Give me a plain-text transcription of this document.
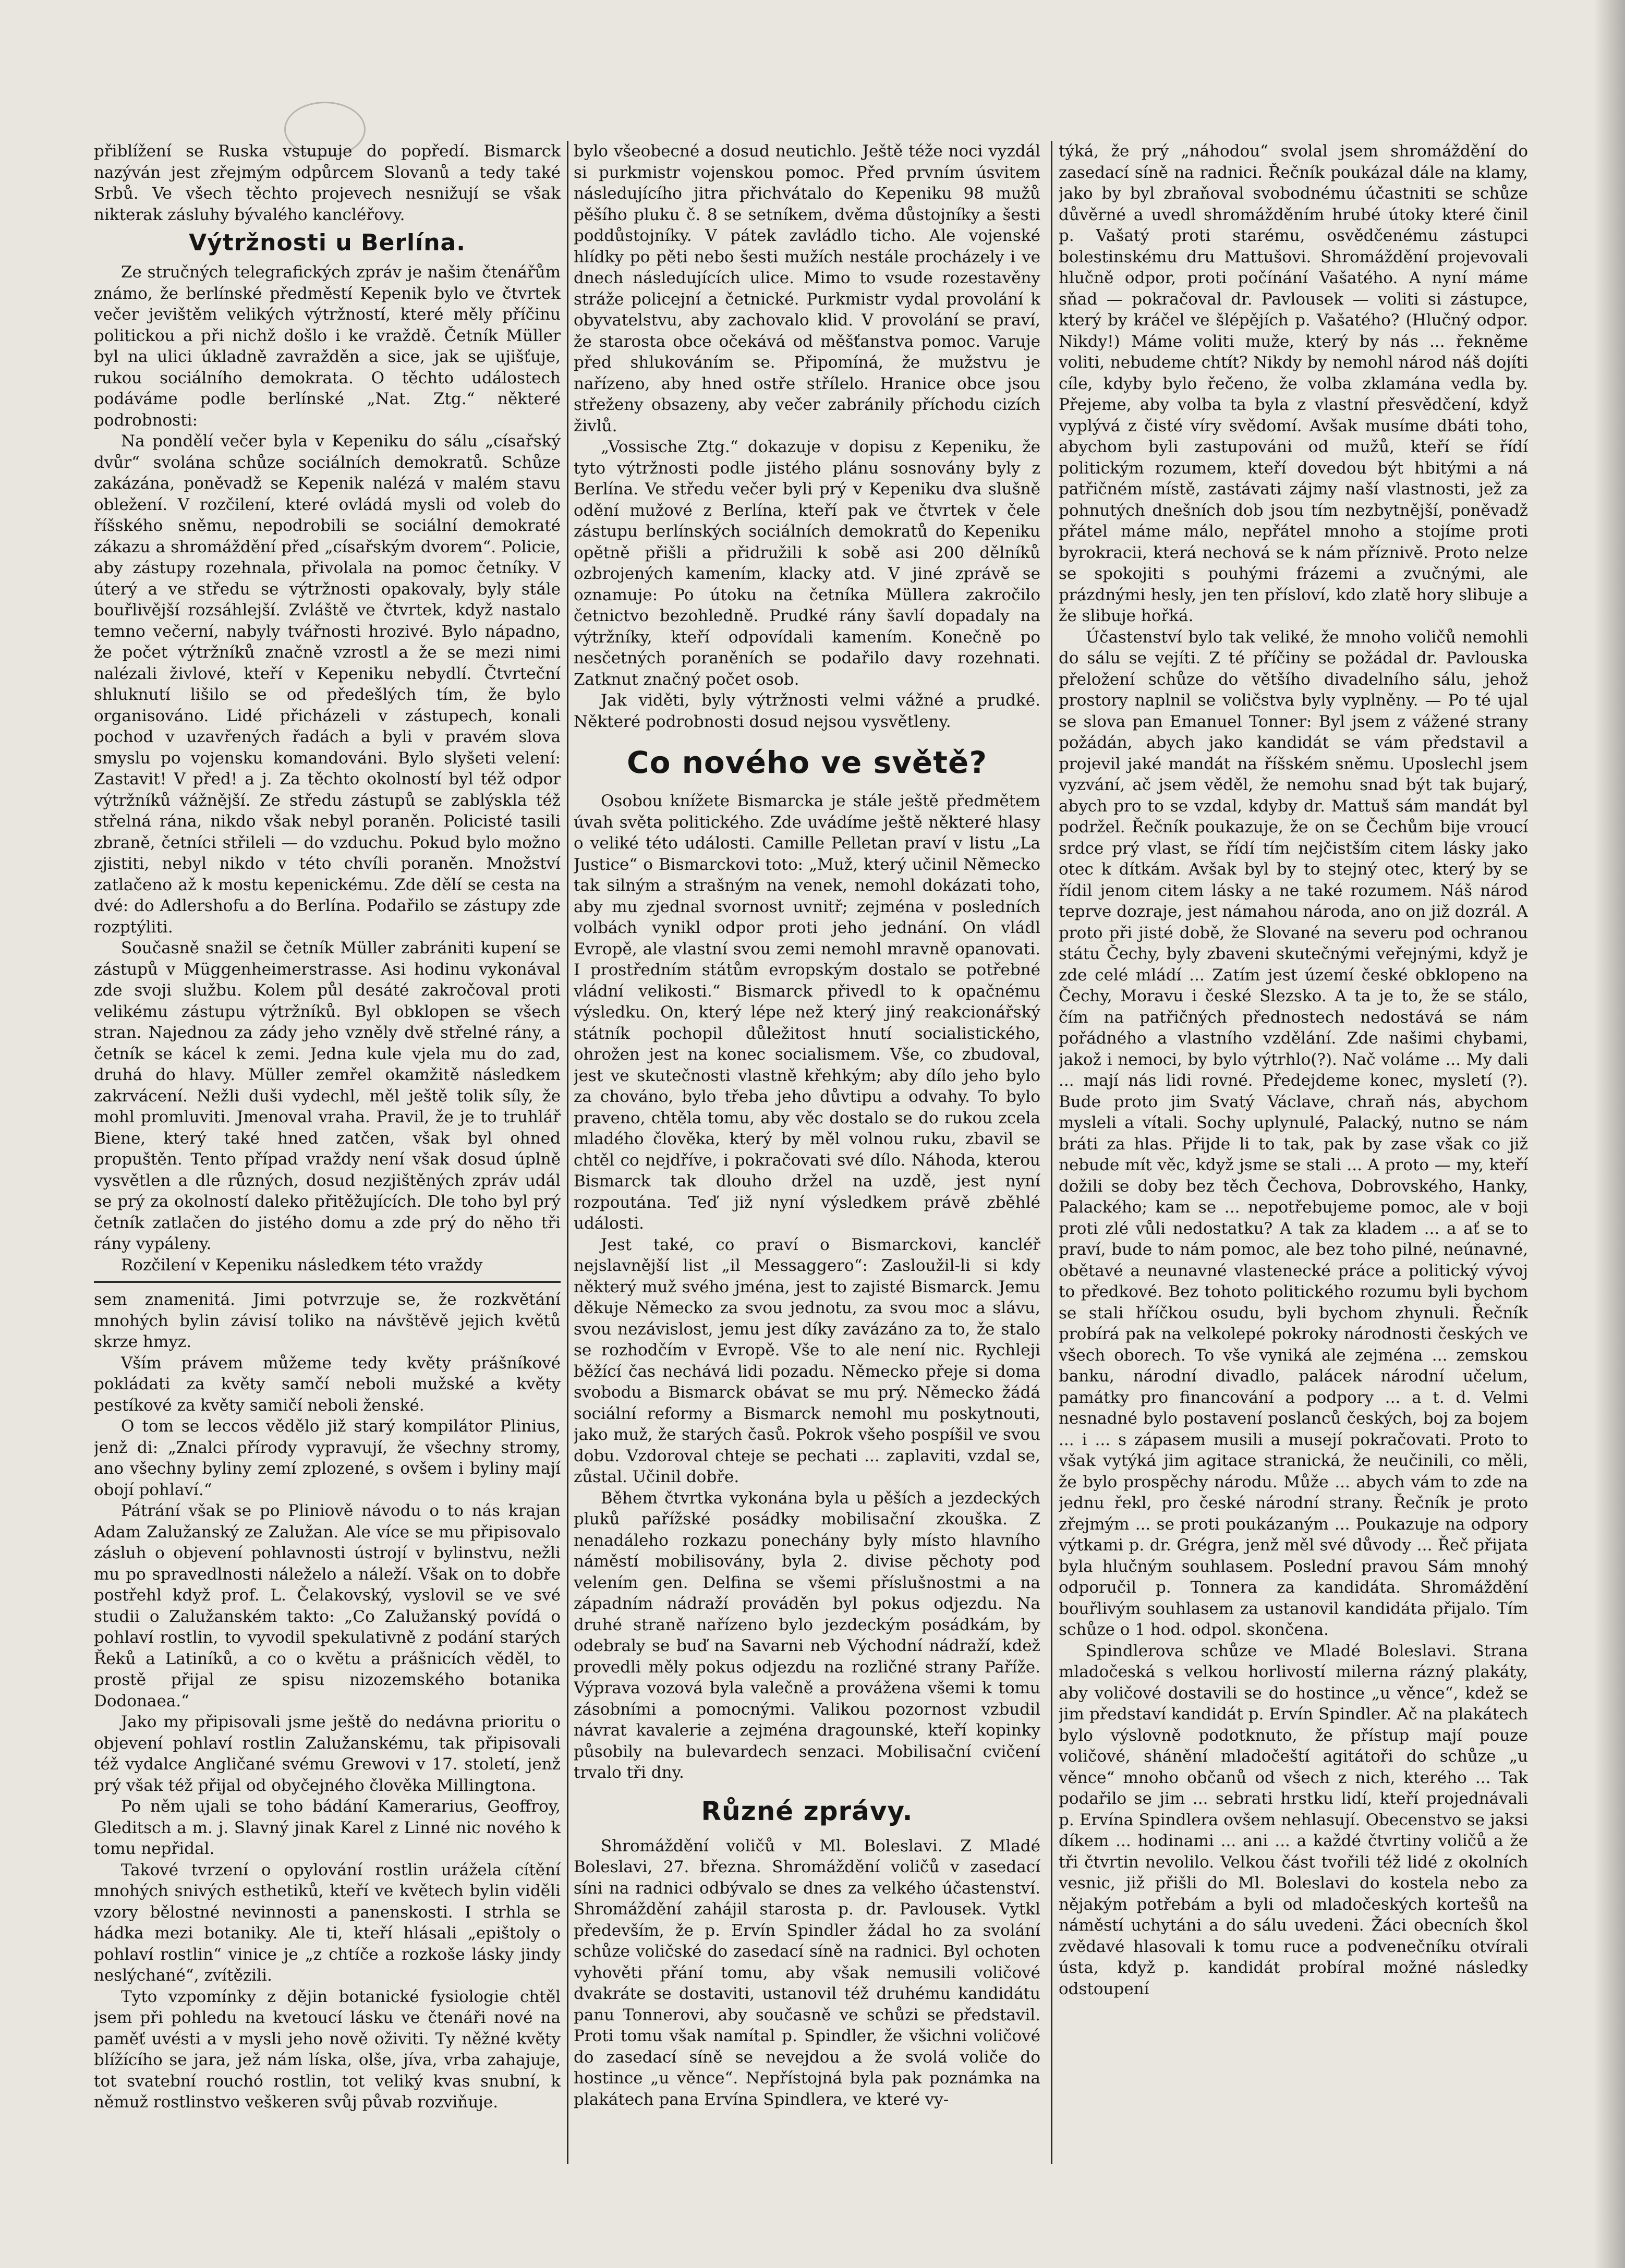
přiblížení se Ruska vstupuje do popředí. Bismarck nazýván jest zřejmým odpůrcem Slovanů a tedy také Srbů. Ve všech těchto projevech nesnižují se však nikterak zásluhy bývalého kancléřovy.

Výtržnosti u Berlína.

Ze stručných telegrafických zpráv je našim čtenářům známo, že berlínské předměstí Kepenik bylo ve čtvrtek večer jevištěm velikých výtržností, které měly příčinu politickou a při nichž došlo i ke vraždě. Četník Müller byl na ulici úkladně zavražděn a sice, jak se ujišťuje, rukou sociálního demokrata. O těchto událostech podáváme podle berlínské „Nat. Ztg.“ některé podrobnosti:

Na pondělí večer byla v Kepeniku do sálu „císařský dvůr“ svolána schůze sociálních demokratů. Schůze zakázána, poněvadž se Kepenik nalézá v malém stavu obležení. V rozčilení, které ovládá mysli od voleb do říšského sněmu, nepodrobili se sociální demokraté zákazu a shromáždění před „císařským dvorem“. Policie, aby zástupy rozehnala, přivolala na pomoc četníky. V úterý a ve středu se výtržnosti opakovaly, byly stále bouřlivější rozsáhlejší. Zvláště ve čtvrtek, když nastalo temno večerní, nabyly tvářnosti hrozivé. Bylo nápadno, že počet výtržníků značně vzrostl a že se mezi nimi nalézali živlové, kteří v Kepeniku nebydlí. Čtvrteční shluknutí lišilo se od předešlých tím, že bylo organisováno. Lidé přicházeli v zástupech, konali pochod v uzavřených řadách a byli v pravém slova smyslu po vojensku komandováni. Bylo slyšeti velení: Zastavit! V před! a j. Za těchto okolností byl též odpor výtržníků vážnější. Ze středu zástupů se zablýskla též střelná rána, nikdo však nebyl poraněn. Policisté tasili zbraně, četníci střileli — do vzduchu. Pokud bylo možno zjistiti, nebyl nikdo v této chvíli poraněn. Množství zatlačeno až k mostu kepenickému. Zde dělí se cesta na dvé: do Adlershofu a do Berlína. Podařilo se zástupy zde rozptýliti.

Současně snažil se četník Müller zabrániti kupení se zástupů v Müggenheimerstrasse. Asi hodinu vykonával zde svoji službu. Kolem půl desáté zakročoval proti velikému zástupu výtržníků. Byl obklopen se všech stran. Najednou za zády jeho vzněly dvě střelné rány, a četník se kácel k zemi. Jedna kule vjela mu do zad, druhá do hlavy. Müller zemřel okamžitě následkem zakrvácení. Nežli duši vydechl, měl ještě tolik síly, že mohl promluviti. Jmenoval vraha. Pravil, že je to truhlář Biene, který také hned zatčen, však byl ohned propuštěn. Tento případ vraždy není však dosud úplně vysvětlen a dle různých, dosud nezjištěných zpráv udál se prý za okolností daleko přitěžujících. Dle toho byl prý četník zatlačen do jistého domu a zde prý do něho tři rány vypáleny.

Rozčilení v Kepeniku následkem této vraždy

sem znamenitá. Jimi potvrzuje se, že rozkvětání mnohých bylin závisí toliko na návštěvě jejich květů skrze hmyz.

Vším právem můžeme tedy květy prášníkové pokládati za květy samčí neboli mužské a květy pestíkové za květy samičí neboli ženské.

O tom se leccos vědělo již starý kompilátor Plinius, jenž di: „Znalci přírody vypravují, že všechny stromy, ano všechny byliny zemí zplozené, s ovšem i byliny mají obojí pohlaví.“

Pátrání však se po Pliniově návodu o to nás krajan Adam Zalužanský ze Zalužan. Ale více se mu připisovalo zásluh o objevení pohlavnosti ústrojí v bylinstvu, nežli mu po spravedlnosti náleželo a náleží. Však on to dobře postřehl když prof. L. Čelakovský, vyslovil se ve své studii o Zalužanském takto: „Co Zalužanský povídá o pohlaví rostlin, to vyvodil spekulativně z podání starých Řeků a Latiníků, a co o květu a prášnicích věděl, to prostě přijal ze spisu nizozemského botanika Dodonaea.“

Jako my připisovali jsme ještě do nedávna prioritu o objevení pohlaví rostlin Zalužanskému, tak připisovali též vydalce Angličané svému Grewovi v 17. století, jenž prý však též přijal od obyčejného člověka Millingtona.

Po něm ujali se toho bádání Kamerarius, Geoffroy, Gleditsch a m. j. Slavný jinak Karel z Linné nic nového k tomu nepřidal.

Takové tvrzení o opylování rostlin urážela cítění mnohých snivých esthetiků, kteří ve květech bylin viděli vzory bělostné nevinnosti a panenskosti. I strhla se hádka mezi botaniky. Ale ti, kteří hlásali „epištoly o pohlaví rostlin“ vinice je „z chtíče a rozkoše lásky jindy neslýchané“, zvítězili.

Tyto vzpomínky z dějin botanické fysiologie chtěl jsem při pohledu na kvetoucí lásku ve čtenáři nové na paměť uvésti a v mysli jeho nově oživiti. Ty něžné květy blížícího se jara, jež nám líska, olše, jíva, vrba zahajuje, tot svatební rouchó rostlin, tot veliký kvas snubní, k němuž rostlinstvo veškeren svůj půvab rozviňuje.

bylo všeobecné a dosud neutichlo. Ještě téže noci vyzdál si purkmistr vojenskou pomoc. Před prvním úsvitem následujícího jitra přichvátalo do Kepeniku 98 mužů pěšího pluku č. 8 se setníkem, dvěma důstojníky a šesti poddůstojníky. V pátek zavládlo ticho. Ale vojenské hlídky po pěti nebo šesti mužích nestále procházely i ve dnech následujících ulice. Mimo to vsude rozestavěny stráže policejní a četnické. Purkmistr vydal provolání k obyvatelstvu, aby zachovalo klid. V provolání se praví, že starosta obce očekává od měšťanstva pomoc. Varuje před shlukováním se. Připomíná, že mužstvu je nařízeno, aby hned ostře střílelo. Hranice obce jsou střeženy obsazeny, aby večer zabránily příchodu cizích živlů.

„Vossische Ztg.“ dokazuje v dopisu z Kepeniku, že tyto výtržnosti podle jistého plánu sosnovány byly z Berlína. Ve středu večer byli prý v Kepeniku dva slušně odění mužové z Berlína, kteří pak ve čtvrtek v čele zástupu berlínských sociálních demokratů do Kepeniku opětně přišli a přidružili k sobě asi 200 dělníků ozbrojených kamením, klacky atd. V jiné zprávě se oznamuje: Po útoku na četníka Müllera zakročilo četnictvo bezohledně. Prudké rány šavlí dopadaly na výtržníky, kteří odpovídali kamením. Konečně po nesčetných poraněních se podařilo davy rozehnati. Zatknut značný počet osob.

Jak viděti, byly výtržnosti velmi vážné a prudké. Některé podrobnosti dosud nejsou vysvětleny.

Co nového ve světě?

Osobou knížete Bismarcka je stále ještě předmětem úvah světa politického. Zde uvádíme ještě některé hlasy o veliké této události. Camille Pelletan praví v listu „La Justice“ o Bismarckovi toto: „Muž, který učinil Německo tak silným a strašným na venek, nemohl dokázati toho, aby mu zjednal svornost uvnitř; zejména v posledních volbách vynikl odpor proti jeho jednání. On vládl Evropě, ale vlastní svou zemi nemohl mravně opanovati. I prostředním státům evropským dostalo se potřebné vládní velikosti.“ Bismarck přivedl to k opačnému výsledku. On, který lépe než který jiný reakcionářský státník pochopil důležitost hnutí socialistického, ohrožen jest na konec socialismem. Vše, co zbudoval, jest ve skutečnosti vlastně křehkým; aby dílo jeho bylo za chováno, bylo třeba jeho důvtipu a odvahy. To bylo praveno, chtěla tomu, aby věc dostalo se do rukou zcela mladého člověka, který by měl volnou ruku, zbavil se chtěl co nejdříve, i pokračovati své dílo. Náhoda, kterou Bismarck tak dlouho držel na uzdě, jest nyní rozpoutána. Teď již nyní výsledkem právě zběhlé události.

Jest také, co praví o Bismarckovi, kancléř nejslavnější list „il Messaggero“: Zasloužil-li si kdy některý muž svého jména, jest to zajisté Bismarck. Jemu děkuje Německo za svou jednotu, za svou moc a slávu, svou nezávislost, jemu jest díky zavázáno za to, že stalo se rozhodčím v Evropě. Vše to ale není nic. Rychleji běžící čas nechává lidi pozadu. Německo přeje si doma svobodu a Bismarck obávat se mu prý. Německo žádá sociální reformy a Bismarck nemohl mu poskytnouti, jako muž, že starých časů. Pokrok všeho pospíšil ve svou dobu. Vzdoroval chteje se pechati ... zaplaviti, vzdal se, zůstal. Učinil dobře.

Během čtvrtka vykonána byla u pěších a jezdeckých pluků pařížské posádky mobilisační zkouška. Z nenadáleho rozkazu ponechány byly místo hlavního náměstí mobilisovány, byla 2. divise pěchoty pod velením gen. Delfina se všemi příslušnostmi a na západním nádraží prováděn byl pokus odjezdu. Na druhé straně nařízeno bylo jezdeckým posádkám, by odebraly se buď na Savarni neb Východní nádraží, kdež provedli měly pokus odjezdu na rozličné strany Paříže. Výprava vozová byla valečně a provážena všemi k tomu zásobními a pomocnými. Valikou pozornost vzbudil návrat kavalerie a zejména dragounské, kteří kopinky působily na bulevardech senzaci. Mobilisační cvičení trvalo tři dny.

Různé zprávy.

Shromáždění voličů v Ml. Boleslavi. Z Mladé Boleslavi, 27. března. Shromáždění voličů v zasedací síni na radnici odbývalo se dnes za velkého účastenství. Shromáždění zahájil starosta p. dr. Pavlousek. Vytkl především, že p. Ervín Spindler žádal ho za svolání schůze voličské do zasedací síně na radnici. Byl ochoten vyhověti přání tomu, aby však nemusili voličové dvakráte se dostaviti, ustanovil též druhému kandidátu panu Tonnerovi, aby současně ve schůzi se představil. Proti tomu však namítal p. Spindler, že všichni voličové do zasedací síně se nevejdou a že svolá voliče do hostince „u věnce“. Nepřístojná byla pak poznámka na plakátech pana Ervína Spindlera, ve které vy-

týká, že prý „náhodou“ svolal jsem shromáždění do zasedací síně na radnici. Řečník poukázal dále na klamy, jako by byl zbraňoval svobodnému účastniti se schůze důvěrné a uvedl shromážděním hrubé útoky které činil p. Vašatý proti starému, osvědčenému zástupci bolestinskému dru Mattušovi. Shromáždění projevovali hlučně odpor, proti počínání Vašatého. A nyní máme sňad — pokračoval dr. Pavlousek — voliti si zástupce, který by kráčel ve šlépějích p. Vašatého? (Hlučný odpor. Nikdy!) Máme voliti muže, který by nás ... řekněme voliti, nebudeme chtít? Nikdy by nemohl národ náš dojíti cíle, kdyby bylo řečeno, že volba zklamána vedla by. Přejeme, aby volba ta byla z vlastní přesvědčení, když vyplývá z čisté víry svědomí. Avšak musíme dbáti toho, abychom byli zastupováni od mužů, kteří se řídí politickým rozumem, kteří dovedou být hbitými a ná patřičném místě, zastávati zájmy naší vlastnosti, jež za pohnutých dnešních dob jsou tím nezbytnější, poněvadž přátel máme málo, nepřátel mnoho a stojíme proti byrokracii, která nechová se k nám příznivě. Proto nelze se spokojiti s pouhými frázemi a zvučnými, ale prázdnými hesly, jen ten přísloví, kdo zlatě hory slibuje a že slibuje hořká.

Účastenství bylo tak veliké, že mnoho voličů nemohli do sálu se vejíti. Z té příčiny se požádal dr. Pavlouska přeložení schůze do většího divadelního sálu, jehož prostory naplnil se voličstva byly vyplněny. — Po té ujal se slova pan Emanuel Tonner: Byl jsem z vážené strany požádán, abych jako kandidát se vám představil a projevil jaké mandát na říšském sněmu. Uposlechl jsem vyzvání, ač jsem věděl, že nemohu snad být tak bujarý, abych pro to se vzdal, kdyby dr. Mattuš sám mandát byl podržel. Řečník poukazuje, že on se Čechům bije vroucí srdce prý vlast, se řídí tím nejčistším citem lásky jako otec k dítkám. Avšak byl by to stejný otec, který by se řídil jenom citem lásky a ne také rozumem. Náš národ teprve dozraje, jest námahou národa, ano on již dozrál. A proto při jisté době, že Slované na severu pod ochranou státu Čechy, byly zbaveni skutečnými veřejnými, když je zde celé mládí ... Zatím jest území české obklopeno na Čechy, Moravu i české Slezsko. A ta je to, že se stálo, čím na patřičných přednostech nedostává se nám pořádného a vlastního vzdělání. Zde našimi chybami, jakož i nemoci, by bylo výtrhlo(?). Nač voláme ... My dali ... mají nás lidi rovné. Předejdeme konec, mysletí (?). Bude proto jim Svatý Václave, chraň nás, abychom mysleli a vítali. Sochy uplynulé, Palacký, nutno se nám bráti za hlas. Přijde li to tak, pak by zase však co již nebude mít věc, když jsme se stali ... A proto — my, kteří dožili se doby bez těch Čechova, Dobrovského, Hanky, Palackého; kam se ... nepotřebujeme pomoc, ale v boji proti zlé vůli nedostatku? A tak za kladem ... a ať se to praví, bude to nám pomoc, ale bez toho pilné, neúnavné, obětavé a neunavné vlastenecké práce a politický vývoj to předkové. Bez tohoto politického rozumu byli bychom se stali hříčkou osudu, byli bychom zhynuli. Řečník probírá pak na velkolepé pokroky národnosti českých ve všech oborech. To vše vyniká ale zejména ... zemskou banku, národní divadlo, palácek národní učelum, památky pro financování a podpory ... a t. d. Velmi nesnadné bylo postavení poslanců českých, boj za bojem ... i ... s zápasem musili a musejí pokračovati. Proto to však vytýká jim agitace stranická, že neučinili, co měli, že bylo prospěchy národu. Může ... abych vám to zde na jednu řekl, pro české národní strany. Řečník je proto zřejmým ... se proti poukázaným ... Poukazuje na odpory výtkami p. dr. Grégra, jenž měl své důvody ... Řeč přijata byla hlučným souhlasem. Poslední pravou Sám mnohý odporučil p. Tonnera za kandidáta. Shromáždění bouřlivým souhlasem za ustanovil kandidáta přijalo. Tím schůze o 1 hod. odpol. skončena.

Spindlerova schůze ve Mladé Boleslavi. Strana mladočeská s velkou horlivostí milerna rázný plakáty, aby voličové dostavili se do hostince „u věnce“, kdež se jim představí kandidát p. Ervín Spindler. Ač na plakátech bylo výslovně podotknuto, že přístup mají pouze voličové, shánění mladočeští agitátoři do schůze „u věnce“ mnoho občanů od všech z nich, kterého ... Tak podařilo se jim ... sebrati hrstku lidí, kteří projednávali p. Ervína Spindlera ovšem nehlasují. Obecenstvo se jaksi díkem ... hodinami ... ani ... a každé čtvrtiny voličů a že tři čtvrtin nevolilo. Velkou část tvořili též lidé z okolních vesnic, již přišli do Ml. Boleslavi do kostela nebo za nějakým potřebám a byli od mladočeských kortešů na náměstí uchytáni a do sálu uvedeni. Žáci obecních škol zvědavé hlasovali k tomu ruce a podvenečníku otvírali ústa, když p. kandidát probíral možné následky odstoupení
